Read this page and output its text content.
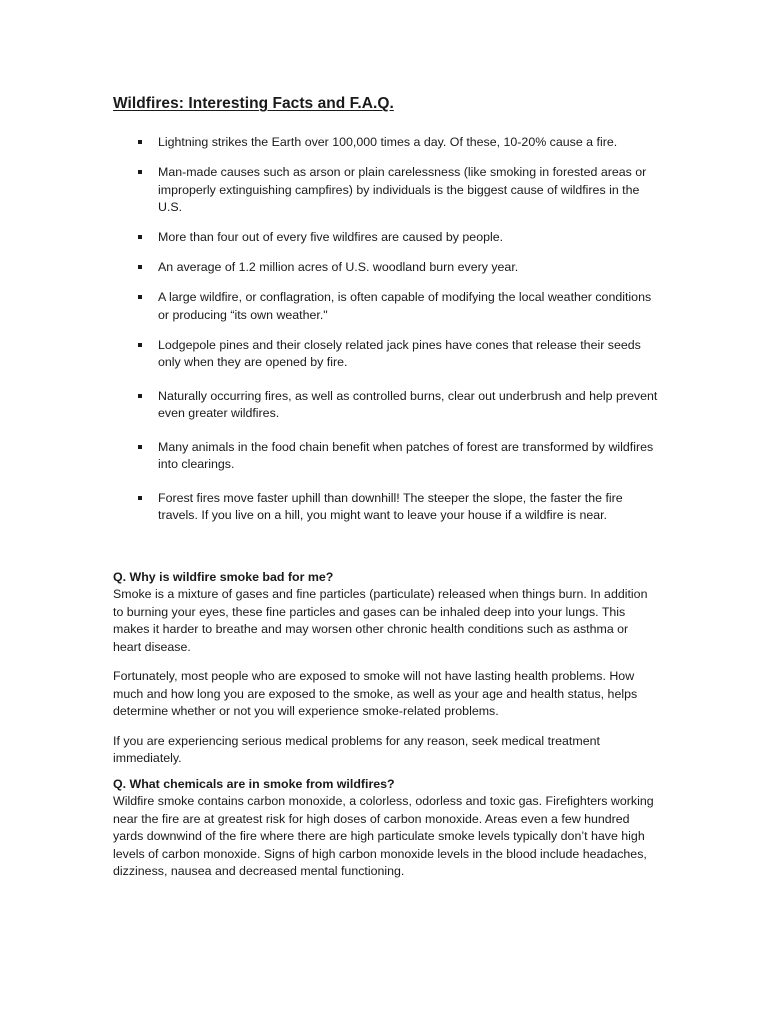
Wildfires: Interesting Facts and F.A.Q.
Lightning strikes the Earth over 100,000 times a day. Of these, 10-20% cause a fire.
Man-made causes such as arson or plain carelessness (like smoking in forested areas or improperly extinguishing campfires) by individuals is the biggest cause of wildfires in the U.S.
More than four out of every five wildfires are caused by people.
An average of 1.2 million acres of U.S. woodland burn every year.
A large wildfire, or conflagration, is often capable of modifying the local weather conditions or producing “its own weather."
Lodgepole pines and their closely related jack pines have cones that release their seeds only when they are opened by fire.
Naturally occurring fires, as well as controlled burns, clear out underbrush and help prevent even greater wildfires.
Many animals in the food chain benefit when patches of forest are transformed by wildfires into clearings.
Forest fires move faster uphill than downhill! The steeper the slope, the faster the fire travels. If you live on a hill, you might want to leave your house if a wildfire is near.

Q. Why is wildfire smoke bad for me?

Smoke is a mixture of gases and fine particles (particulate) released when things burn. In addition to burning your eyes, these fine particles and gases can be inhaled deep into your lungs. This makes it harder to breathe and may worsen other chronic health conditions such as asthma or heart disease.

Fortunately, most people who are exposed to smoke will not have lasting health problems. How much and how long you are exposed to the smoke, as well as your age and health status, helps determine whether or not you will experience smoke-related problems.

If you are experiencing serious medical problems for any reason, seek medical treatment immediately.

Q. What chemicals are in smoke from wildfires?

Wildfire smoke contains carbon monoxide, a colorless, odorless and toxic gas. Firefighters working near the fire are at greatest risk for high doses of carbon monoxide. Areas even a few hundred yards downwind of the fire where there are high particulate smoke levels typically don’t have high levels of carbon monoxide. Signs of high carbon monoxide levels in the blood include headaches, dizziness, nausea and decreased mental functioning.
